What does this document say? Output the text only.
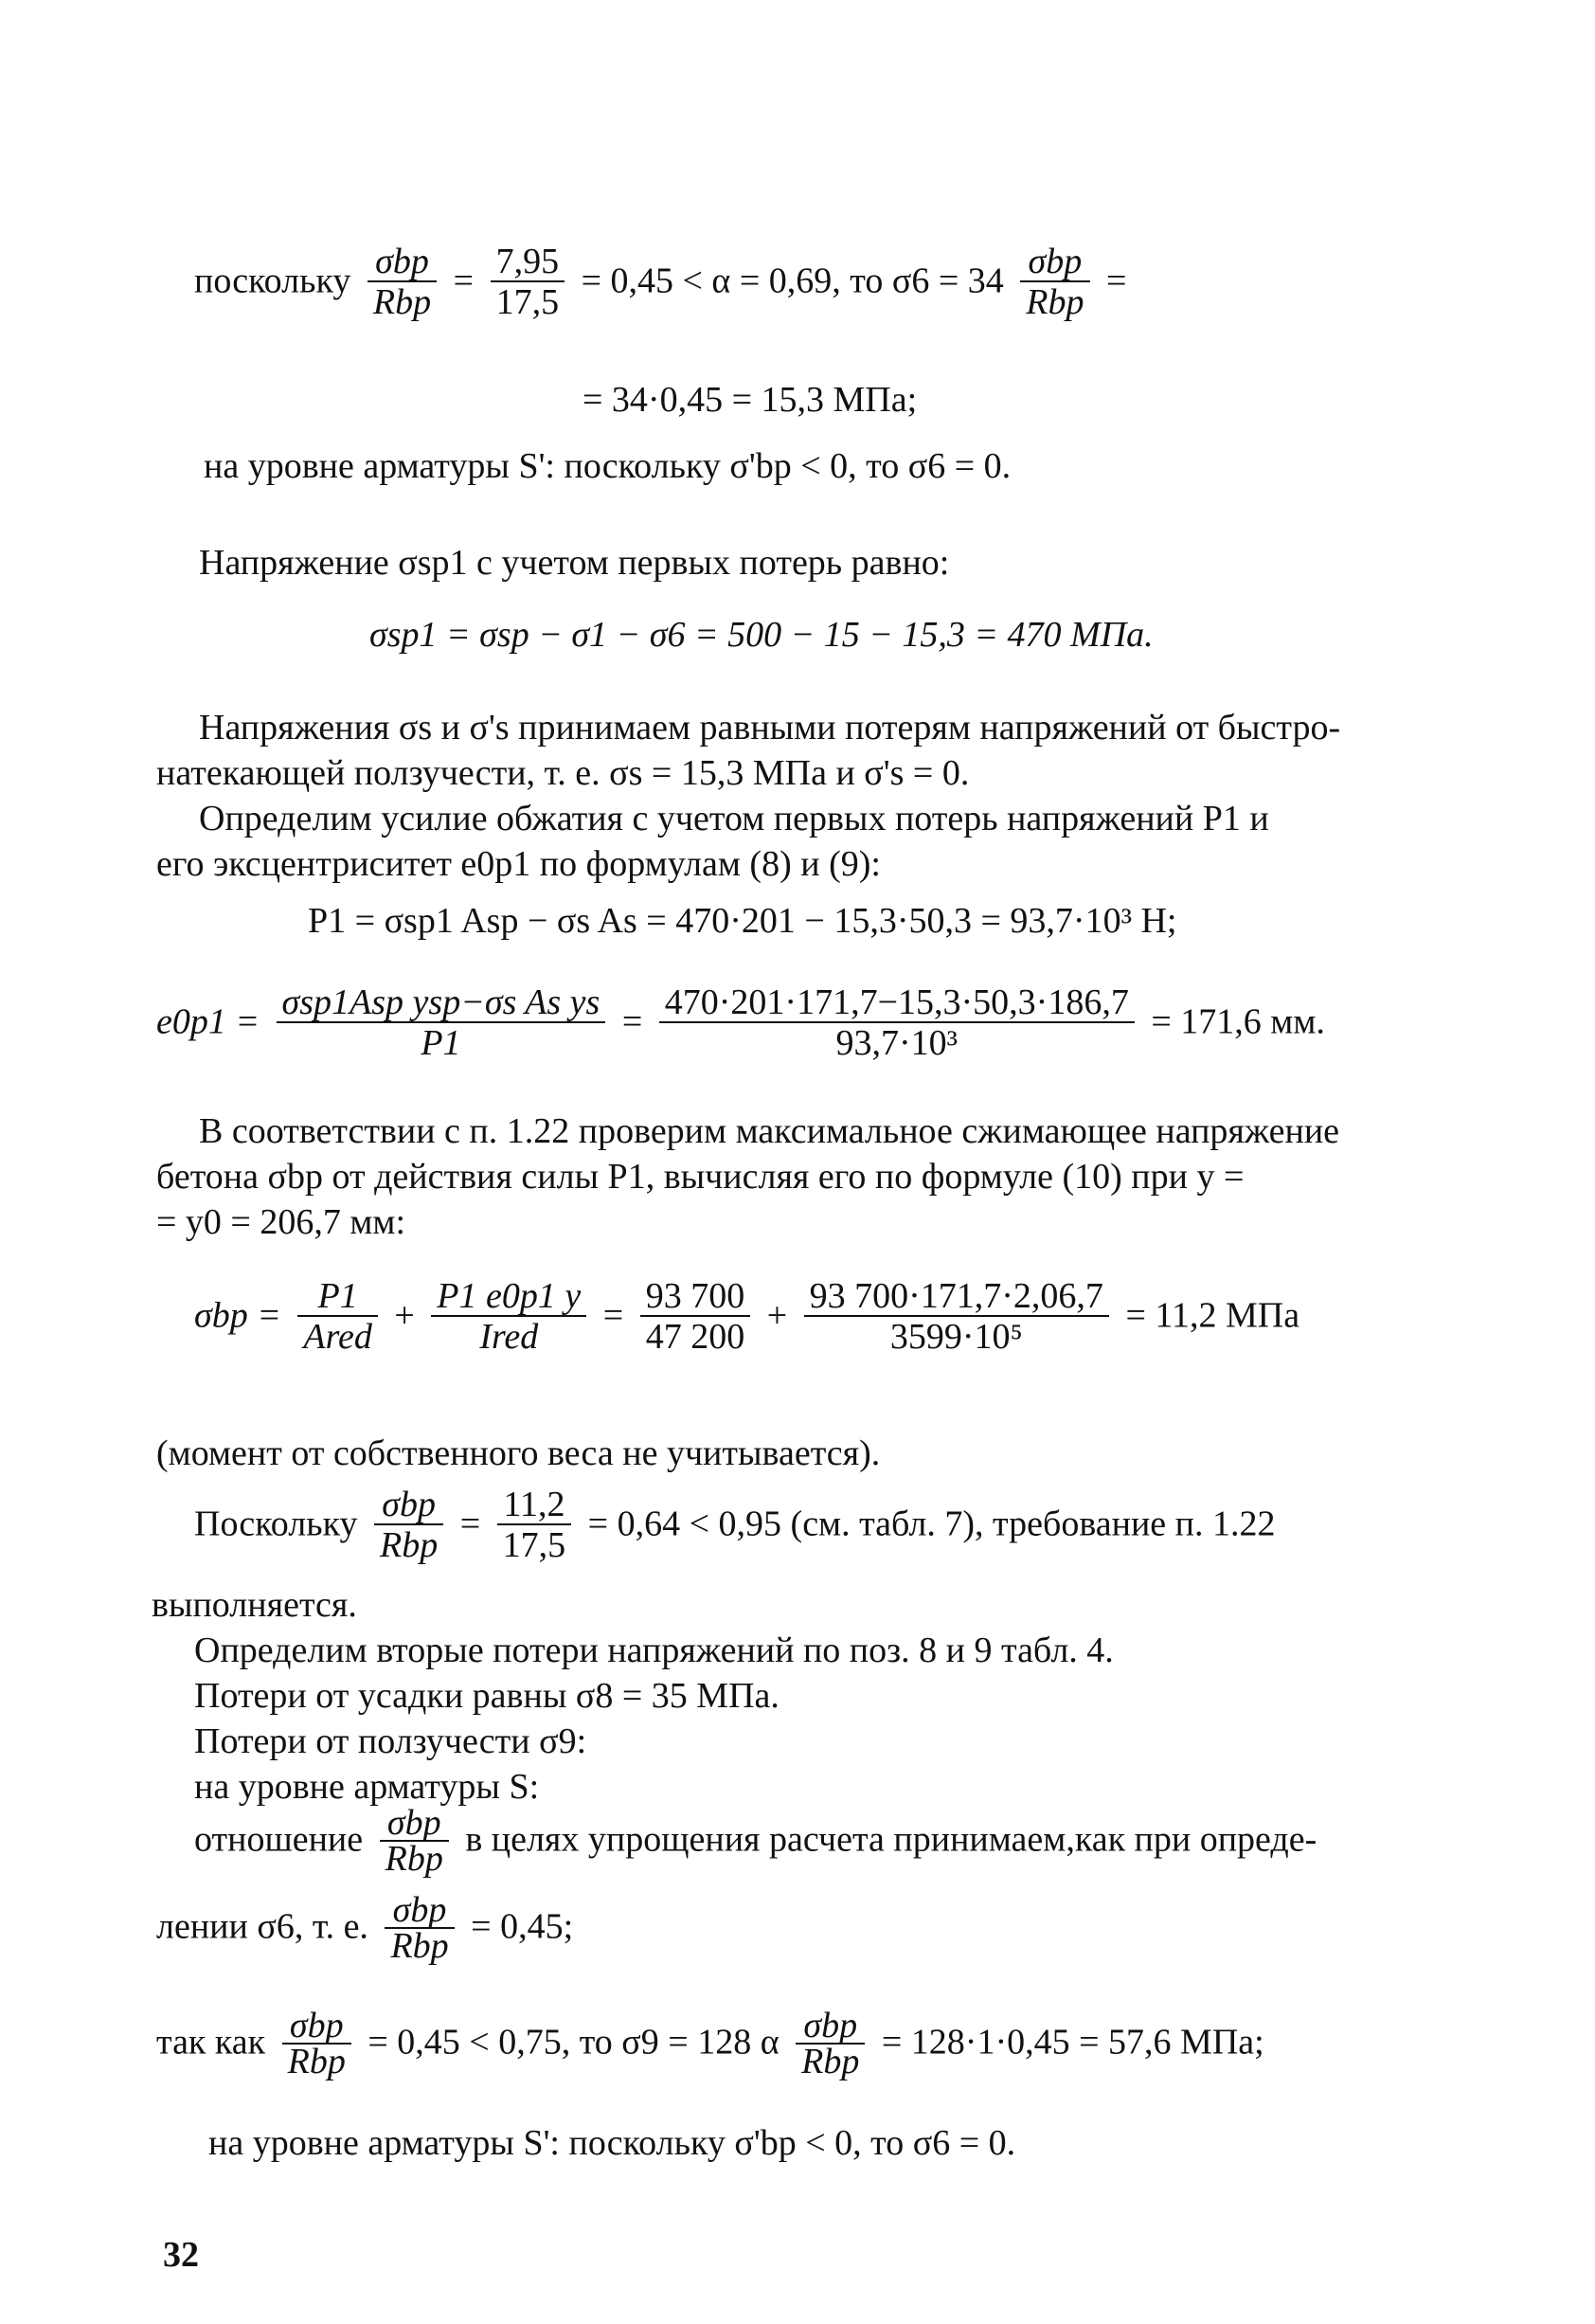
поскольку $\frac{\text{σbp}}{\text{Rbp}} = \frac{7,95}{17,5} = 0,45 < \alpha = 0,69$, то $\sigma 6 = 34 \frac{\text{σbp}}{\text{Rbp}}$ =
= 34·0,45 = 15,3 МПа;
на уровне арматуры S': поскольку σ'bp < 0, то σ6 = 0.
Напряжение σsp1 с учетом первых потерь равно:
σsp1 = σsp − σ1 − σ6 = 500 − 15 − 15,3 = 470 МПа.
Напряжения σs и σ's принимаем равными потерям напряжений от быстро-
натекающей ползучести, т. е. σs = 15,3 МПа и σ's = 0.
Определим усилие обжатия с учетом первых потерь напряжений P1 и
его эксцентриситет e0p1 по формулам (8) и (9):
P1 = σsp1 Asp − σs As = 470·201 − 15,3·50,3 = 93,7·10³ Н;
$e0p1 = \frac{\text{σsp1Asp ysp−σs As ys}}{P1} = \frac{470\cdot 201\cdot 171,7-15,3\cdot 50,3\cdot 186,7}{\text{93,7·10³}} = 171,6$ мм.
В соответствии с п. 1.22 проверим максимальное сжимающее напряжение
бетона σbp от действия силы P1, вычисляя его по формуле (10) при y =
= y0 = 206,7 мм:
$\sigma bp = \frac{P1}{\text{Ared}} + \frac{P1 e0p1 y}{\text{Ired}} = \frac{93 700}{47 200} + \frac{93 700\cdot 171,7\cdot 2,06,7}{\text{3599·10⁵}} = 11,2$ МПа
(момент от собственного веса не учитывается).
Поскольку $\frac{\text{σbp}}{\text{Rbp}} = \frac{11,2}{17,5} = 0,64 < 0,95$ (см. табл. 7), требование п. 1.22
выполняется.
Определим вторые потери напряжений по поз. 8 и 9 табл. 4.
Потери от усадки равны σ8 = 35 МПа.
Потери от ползучести σ9:
на уровне арматуры S:
отношение $\frac{\text{σbp}}{\text{Rbp}}$ в целях упрощения расчета принимаем,как при опреде-
лении σ6, т. е. $\frac{\text{σbp}}{\text{Rbp}} = 0,45$;
так как $\frac{\text{σbp}}{\text{Rbp}} = 0,45 < 0,75$, то σ9 = 128 α $\frac{\text{σbp}}{\text{Rbp}} = 128\cdot 1\cdot 0,45 = 57,6$ МПа;
на уровне арматуры S': поскольку σ'bp < 0, то σ6 = 0.
32
